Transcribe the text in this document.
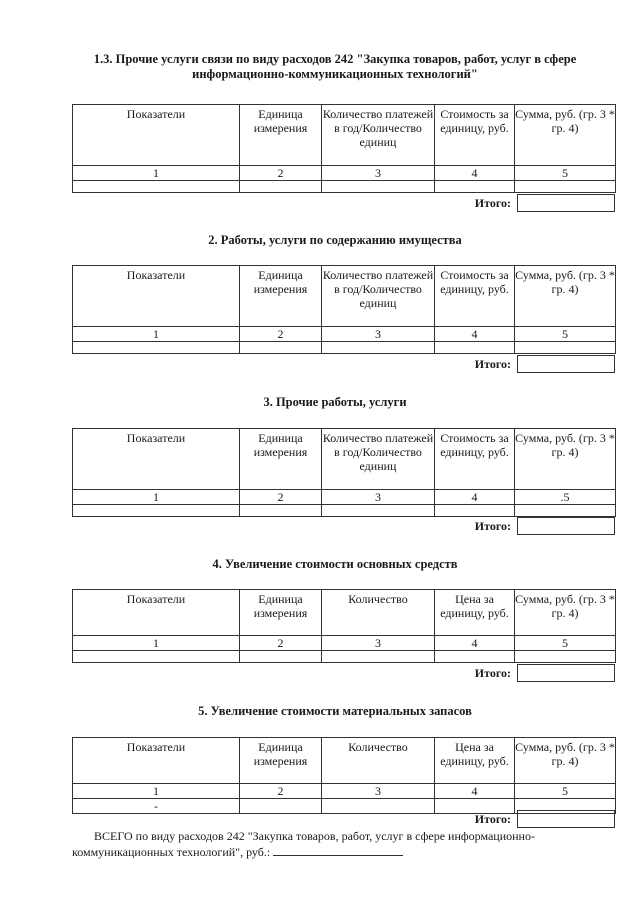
1.3. Прочие услуги связи по виду расходов 242 "Закупка товаров, работ, услуг в сфере информационно-коммуникационных технологий"
Показатели	Единица измерения	Количество платежей в год/Количество единиц	Стоимость за единицу, руб.	Сумма, руб. (гр. 3 * гр. 4)
1	2	3	4	5

Итого:
2. Работы, услуги по содержанию имущества
Показатели	Единица измерения	Количество платежей в год/Количество единиц	Стоимость за единицу, руб.	Сумма, руб. (гр. 3 * гр. 4)
1	2	3	4	5

Итого:
3. Прочие работы, услуги
Показатели	Единица измерения	Количество платежей в год/Количество единиц	Стоимость за единицу, руб.	Сумма, руб. (гр. 3 * гр. 4)
1	2	3	4	.5

Итого:
4. Увеличение стоимости основных средств
Показатели	Единица измерения	Количество	Цена за единицу, руб.	Сумма, руб. (гр. 3 * гр. 4)
1	2	3	4	5

Итого:
5. Увеличение стоимости материальных запасов
Показатели	Единица измерения	Количество	Цена за единицу, руб.	Сумма, руб. (гр. 3 * гр. 4)
1	2	3	4	5
-				
Итого:
ВСЕГО по виду расходов 242 "Закупка товаров, работ, услуг в сфере информационно-коммуникационных технологий", руб.:
